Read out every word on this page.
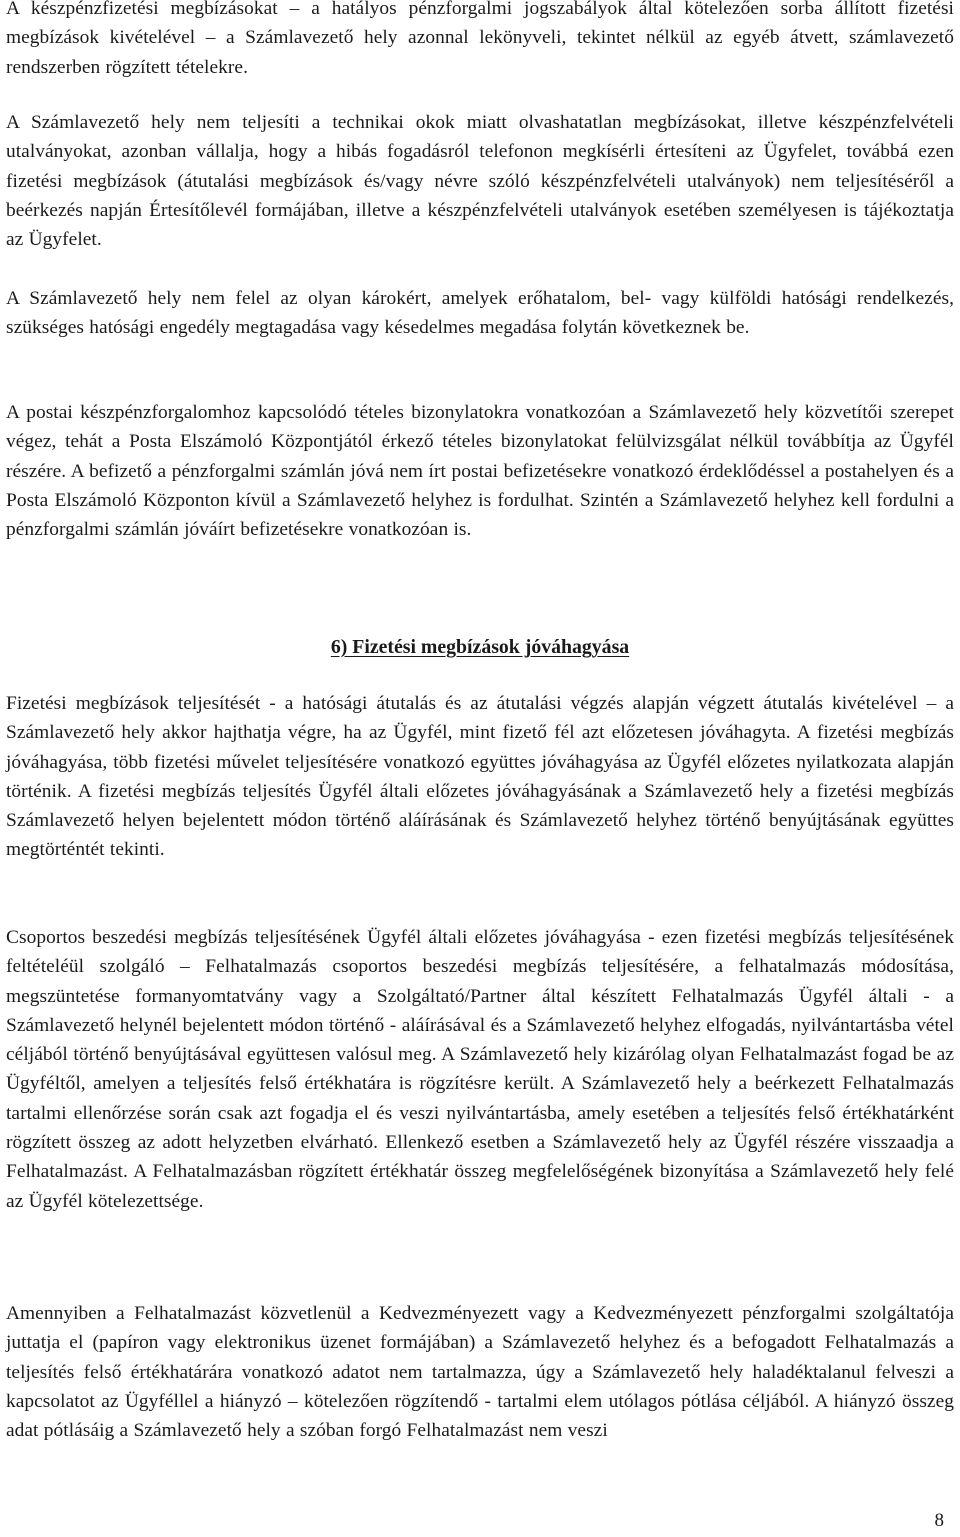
A készpénzfizetési megbízásokat – a hatályos pénzforgalmi jogszabályok által kötelezően sorba állított fizetési megbízások kivételével – a Számlavezető hely azonnal lekönyveli, tekintet nélkül az egyéb átvett, számlavezető rendszerben rögzített tételekre.

A Számlavezető hely nem teljesíti a technikai okok miatt olvashatatlan megbízásokat, illetve készpénzfelvételi utalványokat, azonban vállalja, hogy a hibás fogadásról telefonon megkísérli értesíteni az Ügyfelet, továbbá ezen fizetési megbízások (átutalási megbízások és/vagy névre szóló készpénzfelvételi utalványok) nem teljesítéséről a beérkezés napján Értesítőlevél formájában, illetve a készpénzfelvételi utalványok esetében személyesen is tájékoztatja az Ügyfelet.

A Számlavezető hely nem felel az olyan károkért, amelyek erőhatalom, bel- vagy külföldi hatósági rendelkezés, szükséges hatósági engedély megtagadása vagy késedelmes megadása folytán következnek be.

A postai készpénzforgalomhoz kapcsolódó tételes bizonylatokra vonatkozóan a Számlavezető hely közvetítői szerepet végez, tehát a Posta Elszámoló Központjától érkező tételes bizonylatokat felülvizsgálat nélkül továbbítja az Ügyfél részére. A befizető a pénzforgalmi számlán jóvá nem írt postai befizetésekre vonatkozó érdeklődéssel a postahelyen és a Posta Elszámoló Központon kívül a Számlavezető helyhez is fordulhat. Szintén a Számlavezető helyhez kell fordulni a pénzforgalmi számlán jóváírt befizetésekre vonatkozóan is.

6) Fizetési megbízások jóváhagyása

Fizetési megbízások teljesítését - a hatósági átutalás és az átutalási végzés alapján végzett átutalás kivételével – a Számlavezető hely akkor hajthatja végre, ha az Ügyfél, mint fizető fél azt előzetesen jóváhagyta. A fizetési megbízás jóváhagyása, több fizetési művelet teljesítésére vonatkozó együttes jóváhagyása az Ügyfél előzetes nyilatkozata alapján történik. A fizetési megbízás teljesítés Ügyfél általi előzetes jóváhagyásának a Számlavezető hely a fizetési megbízás Számlavezető helyen bejelentett módon történő aláírásának és Számlavezető helyhez történő benyújtásának együttes megtörténtét tekinti.

Csoportos beszedési megbízás teljesítésének Ügyfél általi előzetes jóváhagyása - ezen fizetési megbízás teljesítésének feltételéül szolgáló – Felhatalmazás csoportos beszedési megbízás teljesítésére, a felhatalmazás módosítása, megszüntetése formanyomtatvány vagy a Szolgáltató/Partner által készített Felhatalmazás Ügyfél általi - a Számlavezető helynél bejelentett módon történő - aláírásával és a Számlavezető helyhez elfogadás, nyilvántartásba vétel céljából történő benyújtásával együttesen valósul meg. A Számlavezető hely kizárólag olyan Felhatalmazást fogad be az Ügyféltől, amelyen a teljesítés felső értékhatára is rögzítésre került. A Számlavezető hely a beérkezett Felhatalmazás tartalmi ellenőrzése során csak azt fogadja el és veszi nyilvántartásba, amely esetében a teljesítés felső értékhatárként rögzített összeg az adott helyzetben elvárható. Ellenkező esetben a Számlavezető hely az Ügyfél részére visszaadja a Felhatalmazást. A Felhatalmazásban rögzített értékhatár összeg megfelelőségének bizonyítása a Számlavezető hely felé az Ügyfél kötelezettsége.

Amennyiben a Felhatalmazást közvetlenül a Kedvezményezett vagy a Kedvezményezett pénzforgalmi szolgáltatója juttatja el (papíron vagy elektronikus üzenet formájában) a Számlavezető helyhez és a befogadott Felhatalmazás a teljesítés felső értékhatárára vonatkozó adatot nem tartalmazza, úgy a Számlavezető hely haladéktalanul felveszi a kapcsolatot az Ügyféllel a hiányzó – kötelezően rögzítendő - tartalmi elem utólagos pótlása céljából. A hiányzó összeg adat pótlásáig a Számlavezető hely a szóban forgó Felhatalmazást nem veszi

8
